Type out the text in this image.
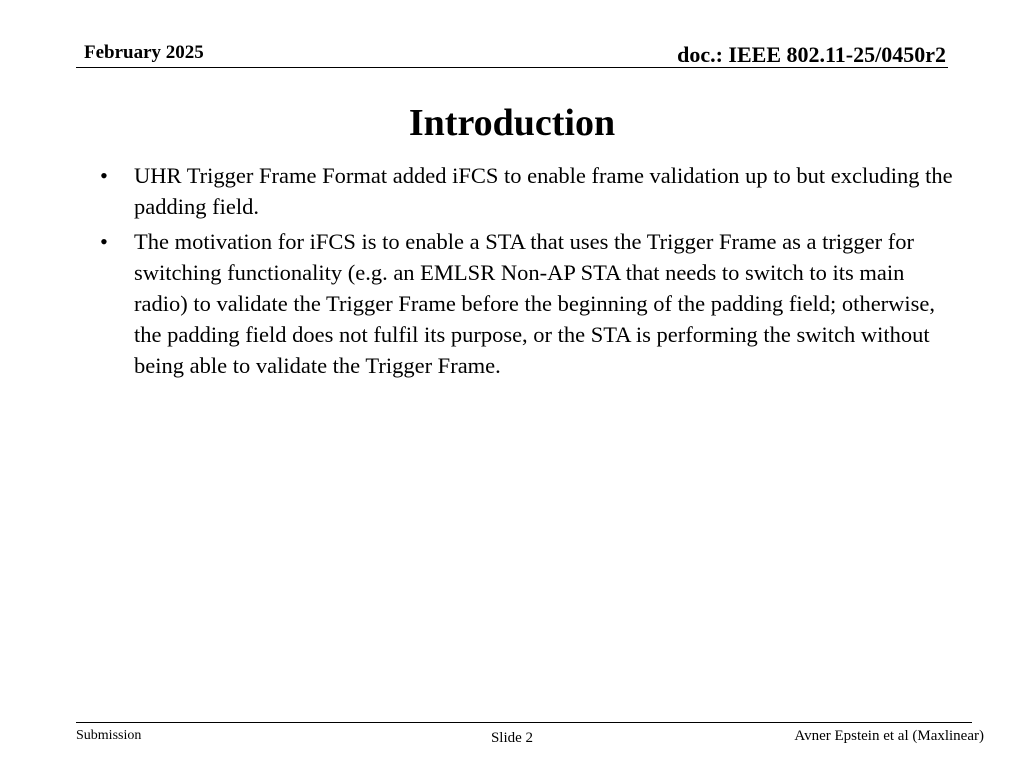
February 2025	doc.: IEEE 802.11-25/0450r2
Introduction
•	UHR Trigger Frame Format added iFCS to enable frame validation up to but excluding the padding field.
•	The motivation for iFCS is to enable a STA that uses the Trigger Frame as a trigger for switching functionality (e.g. an EMLSR Non-AP STA that needs to switch to its main radio) to validate the Trigger Frame before the beginning of the padding field; otherwise, the padding field does not fulfil its purpose, or the STA is performing the switch without being able to validate the Trigger Frame.
Submission	Slide 2	Avner Epstein et al (Maxlinear)
